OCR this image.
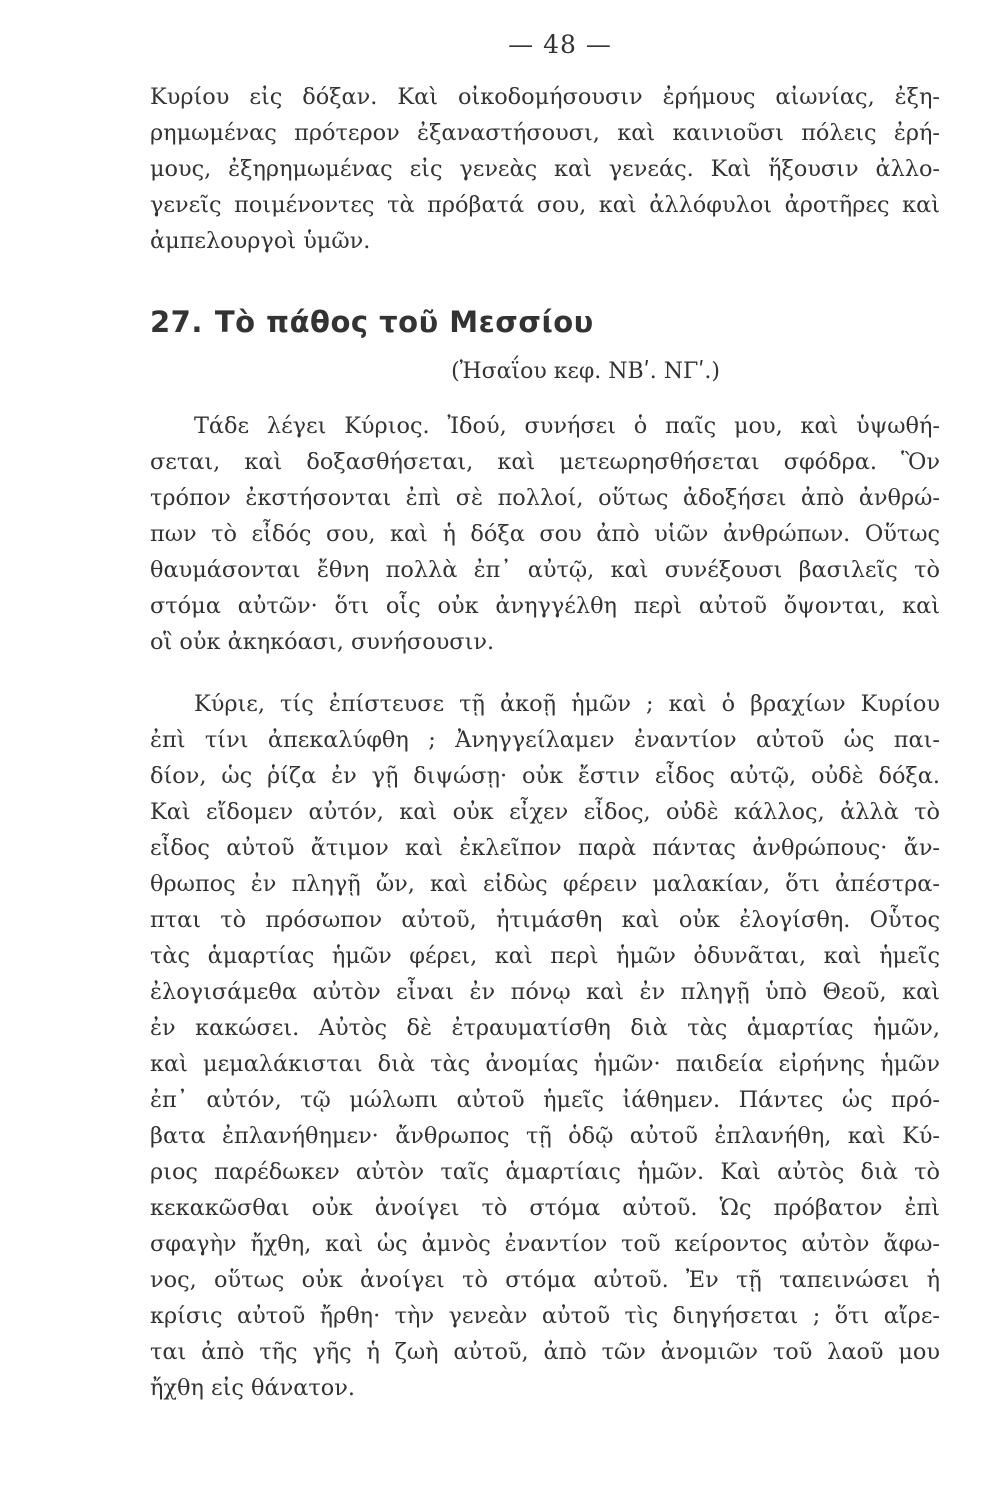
— 48 —
Κυρίου εἰς δόξαν. Καὶ οἰκοδομήσουσιν ἐρήμους αἰωνίας, ἐξη-
ρημωμένας πρότερον ἐξαναστήσουσι, καὶ καινιοῦσι πόλεις ἐρή-
μους, ἐξηρημωμένας εἰς γενεὰς καὶ γενεάς. Καὶ ἥξουσιν ἀλλο-
γενεῖς ποιμένοντες τὰ πρόβατά σου, καὶ ἀλλόφυλοι ἀροτῆρες καὶ
ἀμπελουργοὶ ὑμῶν.
27. Τὸ πάθος τοῦ Μεσσίου
(Ἠσαΐου κεφ. ΝΒʹ. ΝΓʹ.)
Τάδε λέγει Κύριος. Ἰδού, συνήσει ὁ παῖς μου, καὶ ὑψωθή-
σεται, καὶ δοξασθήσεται, καὶ μετεωρησθήσεται σφόδρα. Ὃν
τρόπον ἐκστήσονται ἐπὶ σὲ πολλοί, οὕτως ἀδοξήσει ἀπὸ ἀνθρώ-
πων τὸ εἶδός σου, καὶ ἡ δόξα σου ἀπὸ υἱῶν ἀνθρώπων. Οὕτως
θαυμάσονται ἔθνη πολλὰ ἐπ᾽ αὐτῷ, καὶ συνέξουσι βασιλεῖς τὸ
στόμα αὐτῶν· ὅτι οἷς οὐκ ἀνηγγέλθη περὶ αὐτοῦ ὄψονται, καὶ
οἳ οὐκ ἀκηκόασι, συνήσουσιν.
Κύριε, τίς ἐπίστευσε τῇ ἀκοῇ ἡμῶν ; καὶ ὁ βραχίων Κυρίου
ἐπὶ τίνι ἀπεκαλύφθη ; Ἀνηγγείλαμεν ἐναντίον αὐτοῦ ὡς παι-
δίον, ὡς ῥίζα ἐν γῇ διψώσῃ· οὐκ ἔστιν εἶδος αὐτῷ, οὐδὲ δόξα.
Καὶ εἴδομεν αὐτόν, καὶ οὐκ εἶχεν εἶδος, οὐδὲ κάλλος, ἀλλὰ τὸ
εἶδος αὐτοῦ ἄτιμον καὶ ἐκλεῖπον παρὰ πάντας ἀνθρώπους· ἄν-
θρωπος ἐν πληγῇ ὤν, καὶ εἰδὼς φέρειν μαλακίαν, ὅτι ἀπέστρα-
πται τὸ πρόσωπον αὐτοῦ, ἠτιμάσθη καὶ οὐκ ἐλογίσθη. Οὗτος
τὰς ἁμαρτίας ἡμῶν φέρει, καὶ περὶ ἡμῶν ὀδυνᾶται, καὶ ἡμεῖς
ἐλογισάμεθα αὐτὸν εἶναι ἐν πόνῳ καὶ ἐν πληγῇ ὑπὸ Θεοῦ, καὶ
ἐν κακώσει. Αὐτὸς δὲ ἐτραυματίσθη διὰ τὰς ἁμαρτίας ἡμῶν,
καὶ μεμαλάκισται διὰ τὰς ἀνομίας ἡμῶν· παιδεία εἰρήνης ἡμῶν
ἐπ᾽ αὐτόν, τῷ μώλωπι αὐτοῦ ἡμεῖς ἰάθημεν. Πάντες ὡς πρό-
βατα ἐπλανήθημεν· ἄνθρωπος τῇ ὁδῷ αὐτοῦ ἐπλανήθη, καὶ Κύ-
ριος παρέδωκεν αὐτὸν ταῖς ἁμαρτίαις ἡμῶν. Καὶ αὐτὸς διὰ τὸ
κεκακῶσθαι οὐκ ἀνοίγει τὸ στόμα αὐτοῦ. Ὡς πρόβατον ἐπὶ
σφαγὴν ἤχθη, καὶ ὡς ἀμνὸς ἐναντίον τοῦ κείροντος αὐτὸν ἄφω-
νος, οὕτως οὐκ ἀνοίγει τὸ στόμα αὐτοῦ. Ἐν τῇ ταπεινώσει ἡ
κρίσις αὐτοῦ ἤρθη· τὴν γενεὰν αὐτοῦ τὶς διηγήσεται ; ὅτι αἴρε-
ται ἀπὸ τῆς γῆς ἡ ζωὴ αὐτοῦ, ἀπὸ τῶν ἀνομιῶν τοῦ λαοῦ μου
ἤχθη εἰς θάνατον.
